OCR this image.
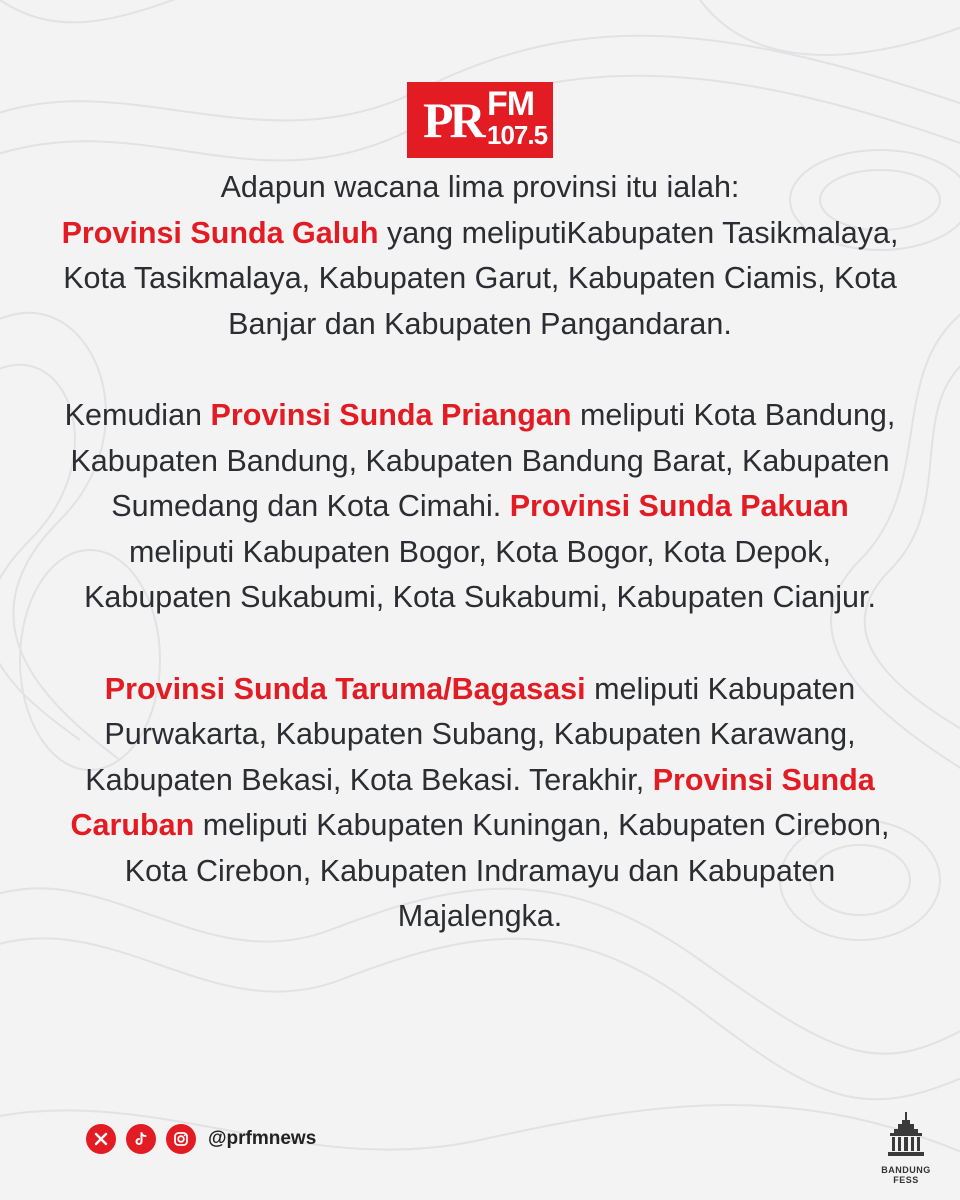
PR FM
107.5

Adapun wacana lima provinsi itu ialah:

Provinsi Sunda Galuh yang meliputiKabupaten Tasikmalaya, Kota Tasikmalaya, Kabupaten Garut, Kabupaten Ciamis, Kota Banjar dan Kabupaten Pangandaran.

Kemudian Provinsi Sunda Priangan meliputi Kota Bandung, Kabupaten Bandung, Kabupaten Bandung Barat, Kabupaten Sumedang dan Kota Cimahi. Provinsi Sunda Pakuan meliputi Kabupaten Bogor, Kota Bogor, Kota Depok, Kabupaten Sukabumi, Kota Sukabumi, Kabupaten Cianjur.

Provinsi Sunda Taruma/Bagasasi meliputi Kabupaten Purwakarta, Kabupaten Subang, Kabupaten Karawang, Kabupaten Bekasi, Kota Bekasi. Terakhir, Provinsi Sunda Caruban meliputi Kabupaten Kuningan, Kabupaten Cirebon, Kota Cirebon, Kabupaten Indramayu dan Kabupaten Majalengka.

@prfmnews
BANDUNG
FESS
